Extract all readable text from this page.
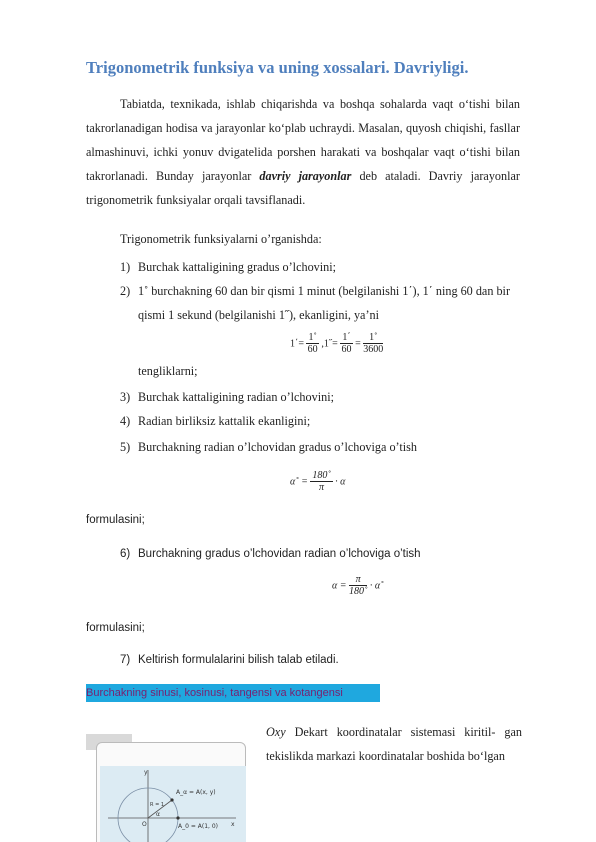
Trigonometrik funksiya va uning xossalari. Davriyligi.
Tabiatda, texnikada, ishlab chiqarishda va boshqa sohalarda vaqt o‘tishi bilan takrorlanadigan hodisa va jarayonlar ko‘plab uchraydi. Masalan, quyosh chiqishi, fasllar almashinuvi, ichki yonuv dvigatelida porshen harakati va boshqalar vaqt o‘tishi bilan takrorlanadi. Bunday jarayonlar davriy jarayonlar deb ataladi. Davriy jarayonlar trigonometrik funksiyalar orqali tavsiflanadi.
Trigonometrik funksiyalarni o’rganishda:
1) Burchak kattaligining gradus o’lchovini;
2) 1˚ burchakning 60 dan bir qismi 1 minut (belgilanishi 1΄), 1΄ ning 60 dan bir
qismi 1 sekund (belgilanishi 1˝), ekanligini, ya’ni
$1΄= \frac{1˚}{60}$ ,1˝= $\frac{1΄}{60} = \frac{1˚}{3600}$
tengliklarni;
3) Burchak kattaligining radian o’lchovini;
4) Radian birliksiz kattalik ekanligini;
5) Burchakning radian o’lchovidan gradus o’lchoviga o’tish
α˚ = $\frac{180˚}{\pi} \cdot \alpha$
formulasini;
6) Burchakning gradus o’lchovidan radian o’lchoviga o’tish
$\alpha = \frac{\pi}{180˚}$ · α˚
formulasini;
7) Keltirish formulalarini bilish talab etiladi.
Burchakning sinusi, kosinusi, tangensi va kotangensi
Oxy Dekart koordinatalar sistemasi kiritil- gan tekislikda markazi koordinatalar boshida bo‘lgan
y
x
O
R = 1
α
A_α = A(x, y)
A_0 = A(1, 0)
